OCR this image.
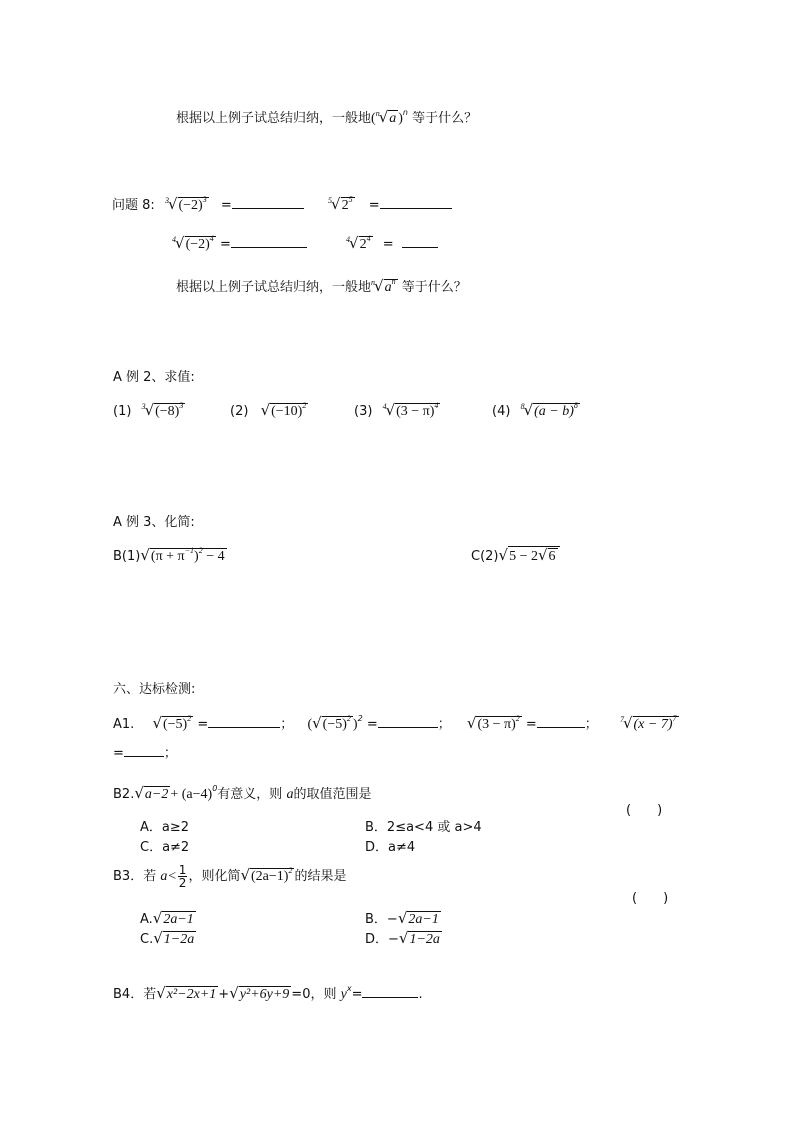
根据以上例子试总结归纳，一般地($^n$√a )$^n$ 等于什么？
问题 8: $^3√(-2)^3$ =	$^5√2^5$ =
$^4√(-2)^4$ =	$^4√2^4$ =
根据以上例子试总结归纳，一般地$^n√a^n$ 等于什么？
A 例 2、求值:
(1) $^3√(-8)^3$	(2) $√(-10)^2$	(3) $^4√(3 - \pi)^4$	(4) $^8√(a - b)^8$
A 例 3、化简:
$B(1)√(\pi + \pi^{-1})^2 - 4$	C(2)√5 − 2√6
六、达标检测:
A1. $√(-5)^2$ =	； ($√(-5)^2$ )$^2$ =	； $√(3 - \pi)^2$ =	；	$^7√(x - 7)^7$
=	；
$B2.√a-2 + (a-4)^0$有意义，则 a的取值范围是
(　　)
A．a≥2	B．2≤a<4 或 a>4
C．a≠2	D．a≠4
B3．若 $a< \frac{1}{2}$ ，则化简$√(2a-1)^2$ 的结果是
(　　)
A.√2a−1	B．−√2a−1
C.√1−2a	D．−√1−2a
B4．若√x²−2x+1 +√y²+6y+9 =0，则 $y^x=$	.
